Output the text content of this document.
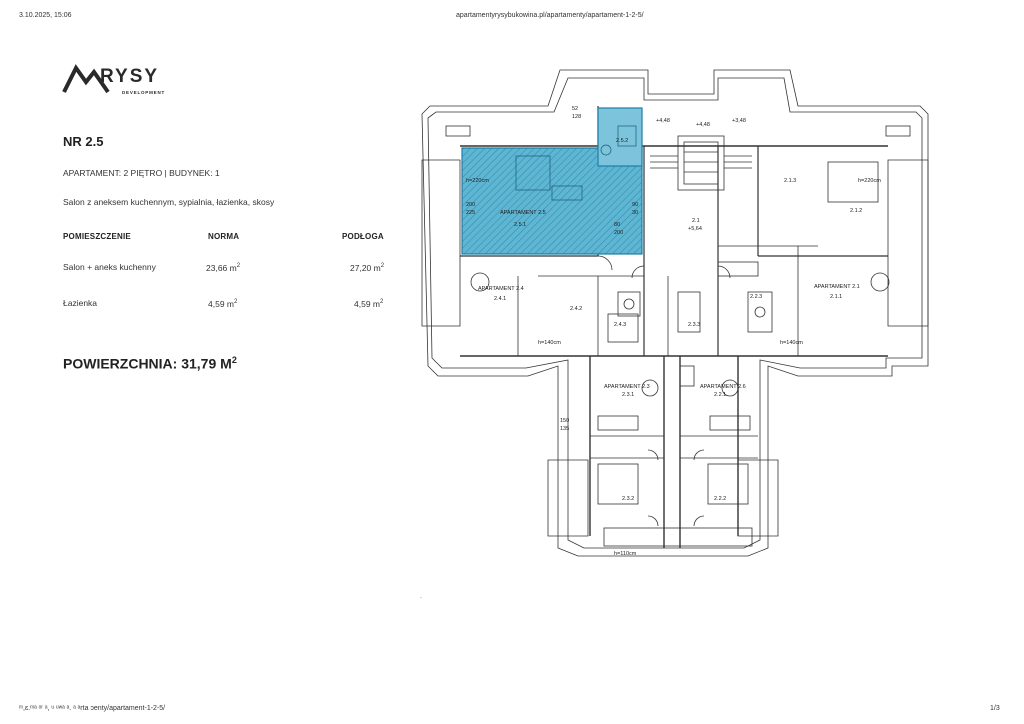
3.10.2025, 15:06	apartamentyrysybukowina.pl/apartamenty/apartament-1-2-5/
RYSY
DEVELOPMENT
NR 2.5
APARTAMENT: 2 PIĘTRO | BUDYNEK: 1
Salon z aneksem kuchennym, sypialnia, łazienka, skosy
POMIESZCZENIE	NORMA	PODŁOGA
Salon + aneks kuchenny	23,66 $m^2$	27,20 $m^2$
Łazienka	4,59 $m^2$	4,59 $m^2$
POWIERZCHNIA: 31,79 $M^2$
APARTAMENT 2.5
2.5.1
2.5.2
APARTAMENT 2.4
2.4.1
2.4.2
2.4.3
APARTAMENT 2.1
2.1.1
2.1.2
2.1.3
2.2.1
2.2.2
2.2.3
APARTAMENT 2.3
2.3.1
2.3.2
APARTAMENT 2.6
2.3.3
2.1
+5,64
+4,48	+3,48
+4,48
h=220cm	h=220cm
h=140cm	h=140cm
h=110cm
200
225
80
200
90
30
52
128
150
135
`
ᵐ,ɛ.ᵐᵃ ᵒʳ ᵃ, ᵘ ᵘʷᵃ ᵃ. ᵃ ᵃrta ɔenty/apartament-1-2-5/	1/3
